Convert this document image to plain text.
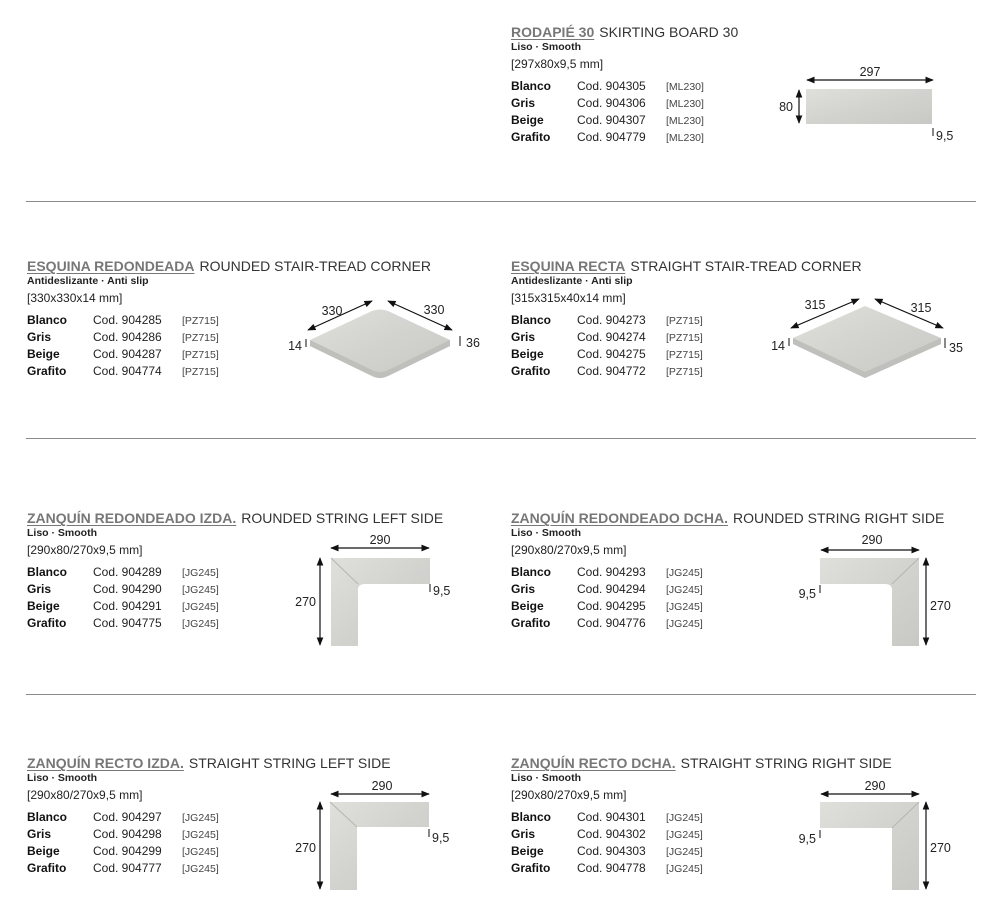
RODAPIÉ 30 SKIRTING BOARD 30
Liso · Smooth
[297x80x9,5 mm]
Blanco Cod. 904305 [ML230]
Gris	Cod. 904306 [ML230]
Beige	Cod. 904307 [ML230]
Grafito Cod. 904779 [ML230]
297
80
9,5
ESQUINA REDONDEADA ROUNDED STAIR-TREAD CORNER
Antideslizante · Anti slip
[330x330x14 mm]
Blanco Cod. 904285 [PZ715]
Gris	Cod. 904286 [PZ715]
Beige	Cod. 904287 [PZ715]
Grafito Cod. 904774 [PZ715]
330	330
14	36
ESQUINA RECTA STRAIGHT STAIR-TREAD CORNER
Antideslizante · Anti slip
[315x315x40x14 mm]
Blanco Cod. 904273 [PZ715]
Gris	Cod. 904274 [PZ715]
Beige	Cod. 904275 [PZ715]
Grafito Cod. 904772 [PZ715]
315	315
14	35
ZANQUÍN REDONDEADO IZDA. ROUNDED STRING LEFT SIDE
Liso · Smooth
[290x80/270x9,5 mm]
Blanco Cod. 904289 [JG245]
Gris	Cod. 904290 [JG245]
Beige	Cod. 904291 [JG245]
Grafito Cod. 904775 [JG245]
290
270
9,5
ZANQUÍN REDONDEADO DCHA. ROUNDED STRING RIGHT SIDE
Liso · Smooth
[290x80/270x9,5 mm]
Blanco Cod. 904293 [JG245]
Gris	Cod. 904294 [JG245]
Beige	Cod. 904295 [JG245]
Grafito Cod. 904776 [JG245]
290
270
9,5
ZANQUÍN RECTO IZDA. STRAIGHT STRING LEFT SIDE
Liso · Smooth
[290x80/270x9,5 mm]
Blanco Cod. 904297 [JG245]
Gris	Cod. 904298 [JG245]
Beige	Cod. 904299 [JG245]
Grafito Cod. 904777 [JG245]
290
270
9,5
ZANQUÍN RECTO DCHA. STRAIGHT STRING RIGHT SIDE
Liso · Smooth
[290x80/270x9,5 mm]
Blanco Cod. 904301 [JG245]
Gris	Cod. 904302 [JG245]
Beige	Cod. 904303 [JG245]
Grafito Cod. 904778 [JG245]
290
270
9,5
